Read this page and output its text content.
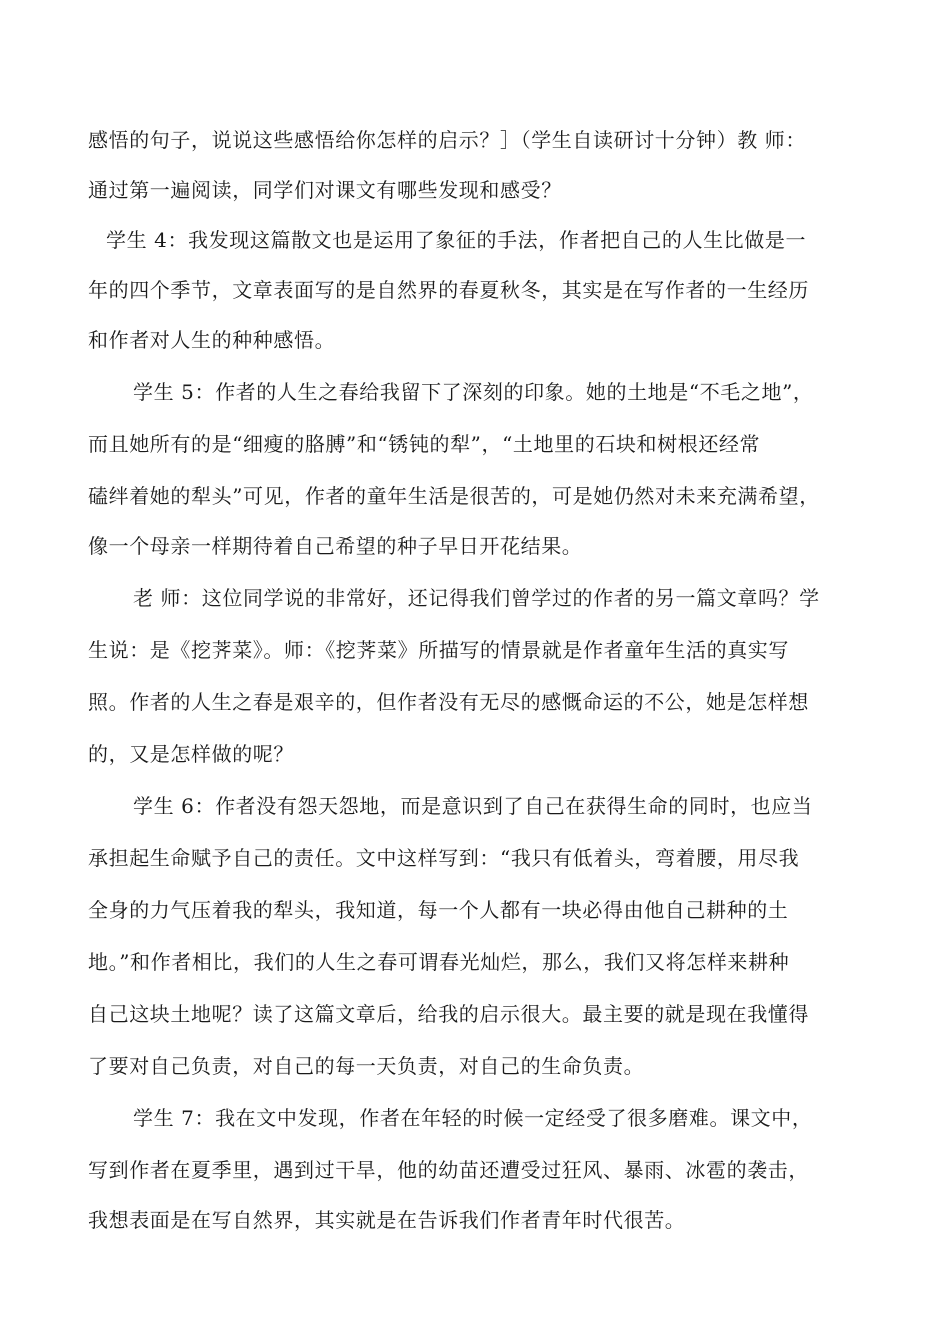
感悟的句子，说说这些感悟给你怎样的启示？］（学生自读研讨十分钟）教 师：
通过第一遍阅读，同学们对课文有哪些发现和感受？
学生 4：我发现这篇散文也是运用了象征的手法，作者把自己的人生比做是一
年的四个季节，文章表面写的是自然界的春夏秋冬，其实是在写作者的一生经历
和作者对人生的种种感悟。
学生 5：作者的人生之春给我留下了深刻的印象。她的土地是“不毛之地”，
而且她所有的是“细瘦的胳膊”和“锈钝的犁”，“土地里的石块和树根还经常
磕绊着她的犁头”可见，作者的童年生活是很苦的，可是她仍然对未来充满希望，
像一个母亲一样期待着自己希望的种子早日开花结果。
老 师：这位同学说的非常好，还记得我们曾学过的作者的另一篇文章吗？学
生说：是《挖荠菜》。师：《挖荠菜》所描写的情景就是作者童年生活的真实写
照。作者的人生之春是艰辛的，但作者没有无尽的感慨命运的不公，她是怎样想
的，又是怎样做的呢？
学生 6：作者没有怨天怨地，而是意识到了自己在获得生命的同时，也应当
承担起生命赋予自己的责任。文中这样写到：“我只有低着头，弯着腰，用尽我
全身的力气压着我的犁头，我知道，每一个人都有一块必得由他自己耕种的土
地。”和作者相比，我们的人生之春可谓春光灿烂，那么，我们又将怎样来耕种
自己这块土地呢？读了这篇文章后，给我的启示很大。最主要的就是现在我懂得
了要对自己负责，对自己的每一天负责，对自己的生命负责。
学生 7：我在文中发现，作者在年轻的时候一定经受了很多磨难。课文中，
写到作者在夏季里，遇到过干旱，他的幼苗还遭受过狂风、暴雨、冰雹的袭击，
我想表面是在写自然界，其实就是在告诉我们作者青年时代很苦。
